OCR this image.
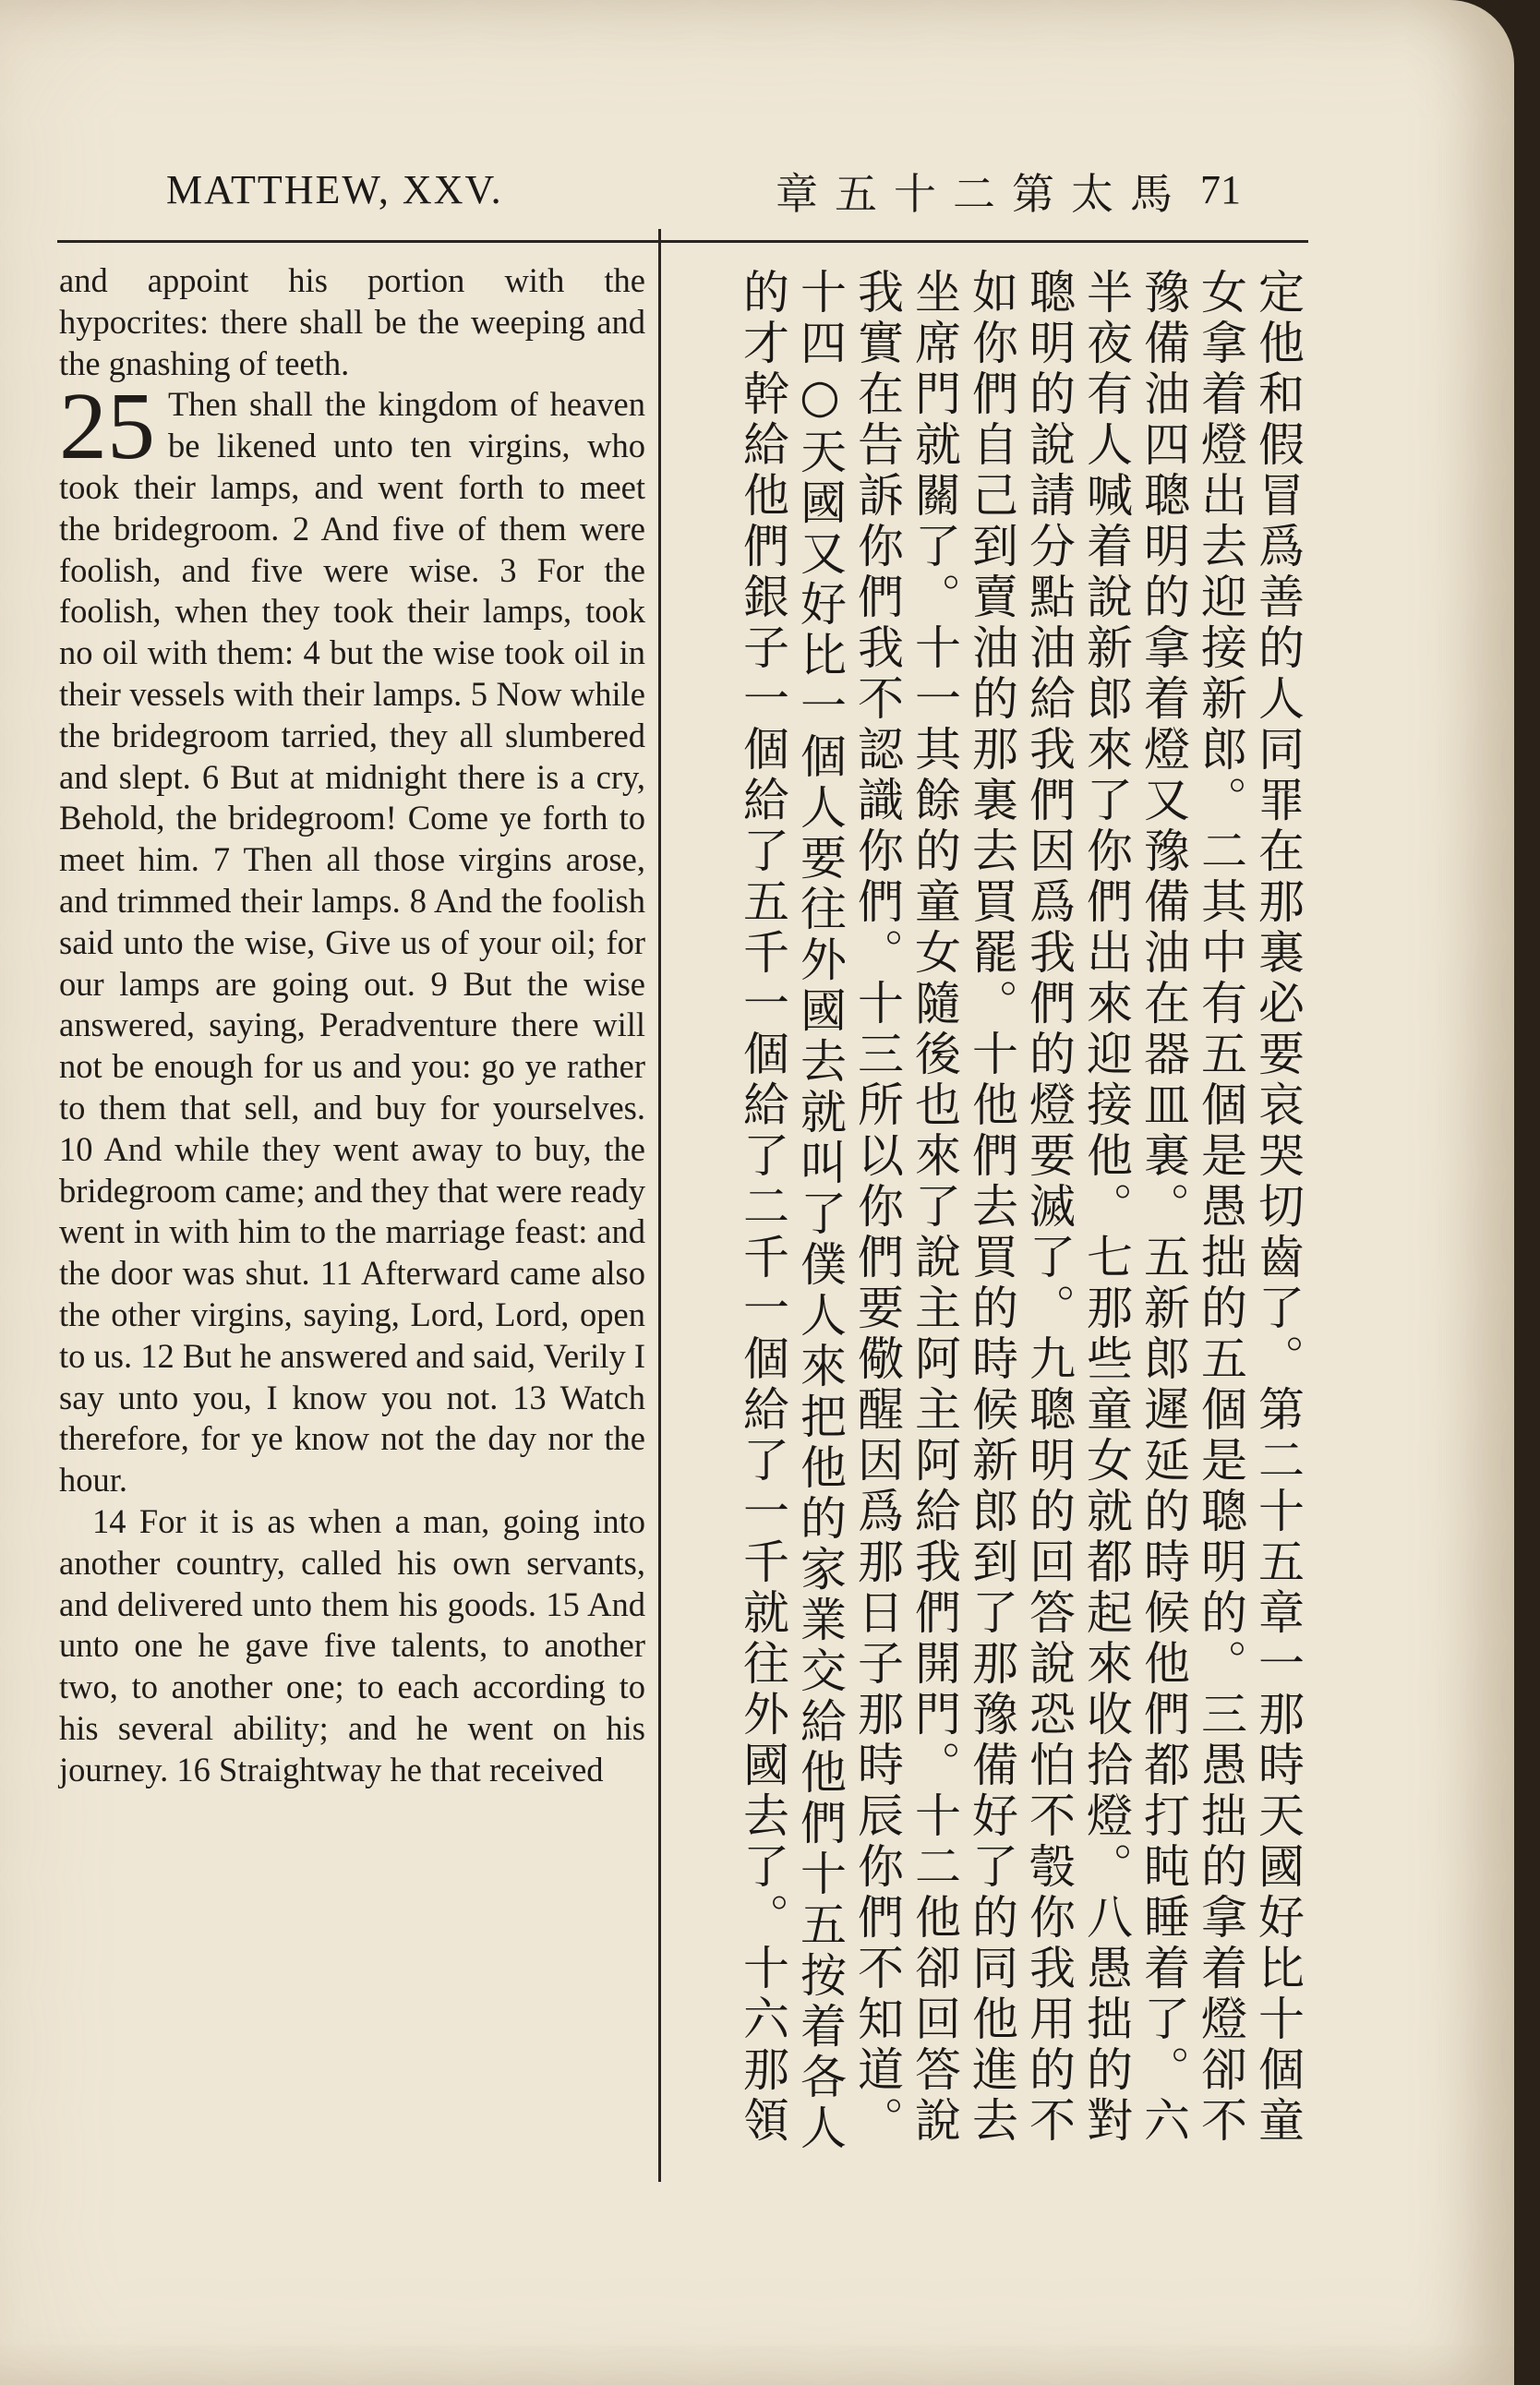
MATTHEW, XXV.	章五十二第太馬 71

and appoint his portion with the hypocrites: there shall be the weeping and the gnashing of teeth.

25 Then shall the kingdom of heaven be likened unto ten virgins, who took their lamps, and went forth to meet the bridegroom. 2 And five of them were foolish, and five were wise. 3 For the foolish, when they took their lamps, took no oil with them: 4 but the wise took oil in their vessels with their lamps. 5 Now while the bridegroom tarried, they all slumbered and slept. 6 But at midnight there is a cry, Behold, the bridegroom! Come ye forth to meet him. 7 Then all those virgins arose, and trimmed their lamps. 8 And the foolish said unto the wise, Give us of your oil; for our lamps are going out. 9 But the wise answered, saying, Peradventure there will not be enough for us and you: go ye rather to them that sell, and buy for yourselves. 10 And while they went away to buy, the bridegroom came; and they that were ready went in with him to the marriage feast: and the door was shut. 11 Afterward came also the other virgins, saying, Lord, Lord, open to us. 12 But he answered and said, Verily I say unto you, I know you not. 13 Watch therefore, for ye know not the day nor the hour.

14 For it is as when a man, going into another country, called his own servants, and delivered unto them his goods. 15 And unto one he gave five talents, to another two, to another one; to each according to his several ability; and he went on his journey. 16 Straightway he that received	定他和假冒爲善的人同罪在那裏必要哀哭切齒了。第二十五章一那時天國好比十個童女拿着燈出去迎接新郎。二其中有五個是愚拙的五個是聰明的。三愚拙的拿着燈卻不豫備油四聰明的拿着燈又豫備油在器皿裏。五新郎遲延的時候他們都打盹睡着了。六半夜有人喊着說新郎來了你們出來迎接他。七那些童女就都起來收拾燈。八愚拙的對聰明的說請分點油給我們因爲我們的燈要滅了。九聰明的回答說恐怕不彀你我用的不如你們自己到賣油的那裏去買罷。十他們去買的時候新郎到了那豫備好了的同他進去坐席門就關了。十一其餘的童女隨後也來了說主阿主阿給我們開門。十二他卻回答說我實在告訴你們我不認識你們。十三所以你們要儆醒因爲那日子那時辰你們不知道。十四○天國又好比一個人要往外國去就叫了僕人來把他的家業交給他們十五按着各人的才幹給他們銀子一個給了五千一個給了二千一個給了一千就往外國去了。十六那領
